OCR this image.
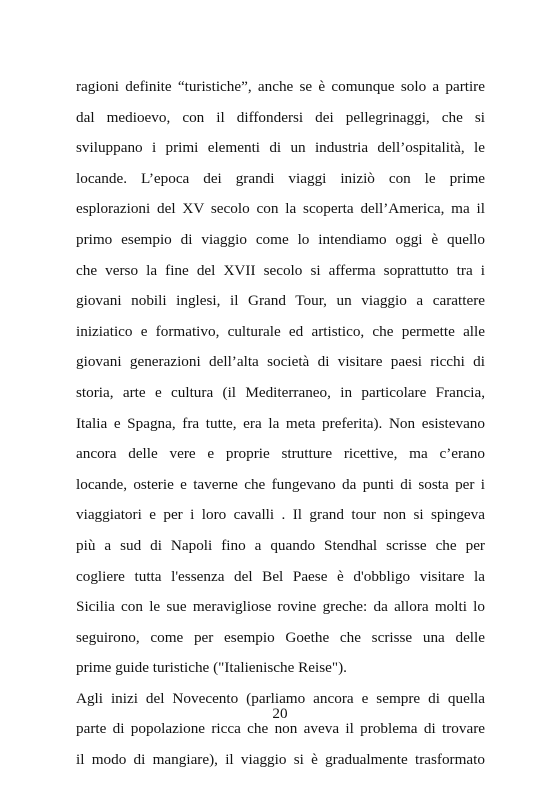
ragioni definite “turistiche”, anche se è comunque solo a partire
dal medioevo, con il diffondersi dei pellegrinaggi, che si
sviluppano i primi elementi di un industria dell’ospitalità, le
locande. L’epoca dei grandi viaggi iniziò con le prime
esplorazioni del XV secolo con la scoperta dell’America, ma il
primo esempio di viaggio come lo intendiamo oggi è quello
che verso la fine del XVII secolo si afferma soprattutto tra i
giovani nobili inglesi, il Grand Tour, un viaggio a carattere
iniziatico e formativo, culturale ed artistico, che permette alle
giovani generazioni dell’alta società di visitare paesi ricchi di
storia, arte e cultura (il Mediterraneo, in particolare Francia,
Italia e Spagna, fra tutte, era la meta preferita). Non esistevano
ancora delle vere e proprie strutture ricettive, ma c’erano
locande, osterie e taverne che fungevano da punti di sosta per i
viaggiatori e per i loro cavalli . Il grand tour non si spingeva
più a sud di Napoli fino a quando Stendhal scrisse che per
cogliere tutta l'essenza del Bel Paese è d'obbligo visitare la
Sicilia con le sue meravigliose rovine greche: da allora molti lo
seguirono, come per esempio Goethe che scrisse una delle
prime guide turistiche ("Italienische Reise").
Agli inizi del Novecento (parliamo ancora e sempre di quella
parte di popolazione ricca che non aveva il problema di trovare
il modo di mangiare), il viaggio si è gradualmente trasformato
20
